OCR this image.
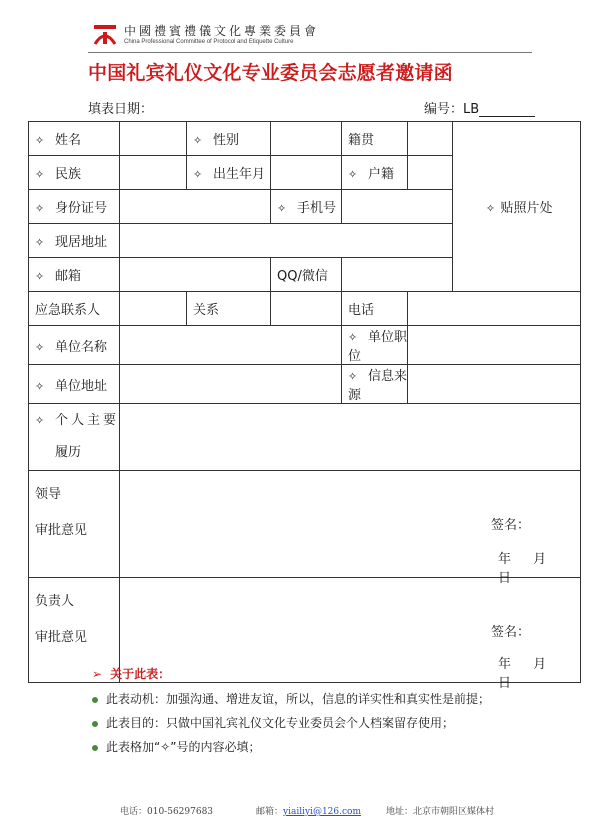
中國禮賓禮儀文化專業委員會
China Professional Committee of Protocol and Etiquette Culture
中国礼宾礼仪文化专业委员会志愿者邀请函
填表日期：	编号：LB
✧ 姓名		✧ 性别		籍贯		✧ 贴照片处
✧ 民族		✧ 出生年月		✧ 户籍		
✧ 身份证号			✧ 手机号			
✧ 现居地址						
✧ 邮箱			QQ/微信			
应急联系人		关系		电话		
✧ 单位名称				✧ 单位职位		
✧ 单位地址				✧ 信息来源		
✧ 个人主要
履历						
领导
审批意见	签名：
年 月 日					

负责人
审批意见	签名：
年 月 日					
➢ 关于此表：
此表动机：加强沟通、增进友谊，所以，信息的详实性和真实性是前提；
此表目的：只做中国礼宾礼仪文化专业委员会个人档案留存使用；
此表格加“✧”号的内容必填；
电话：010-56297683	邮箱：yiailiyi@126.com	地址：北京市朝阳区媒体村
